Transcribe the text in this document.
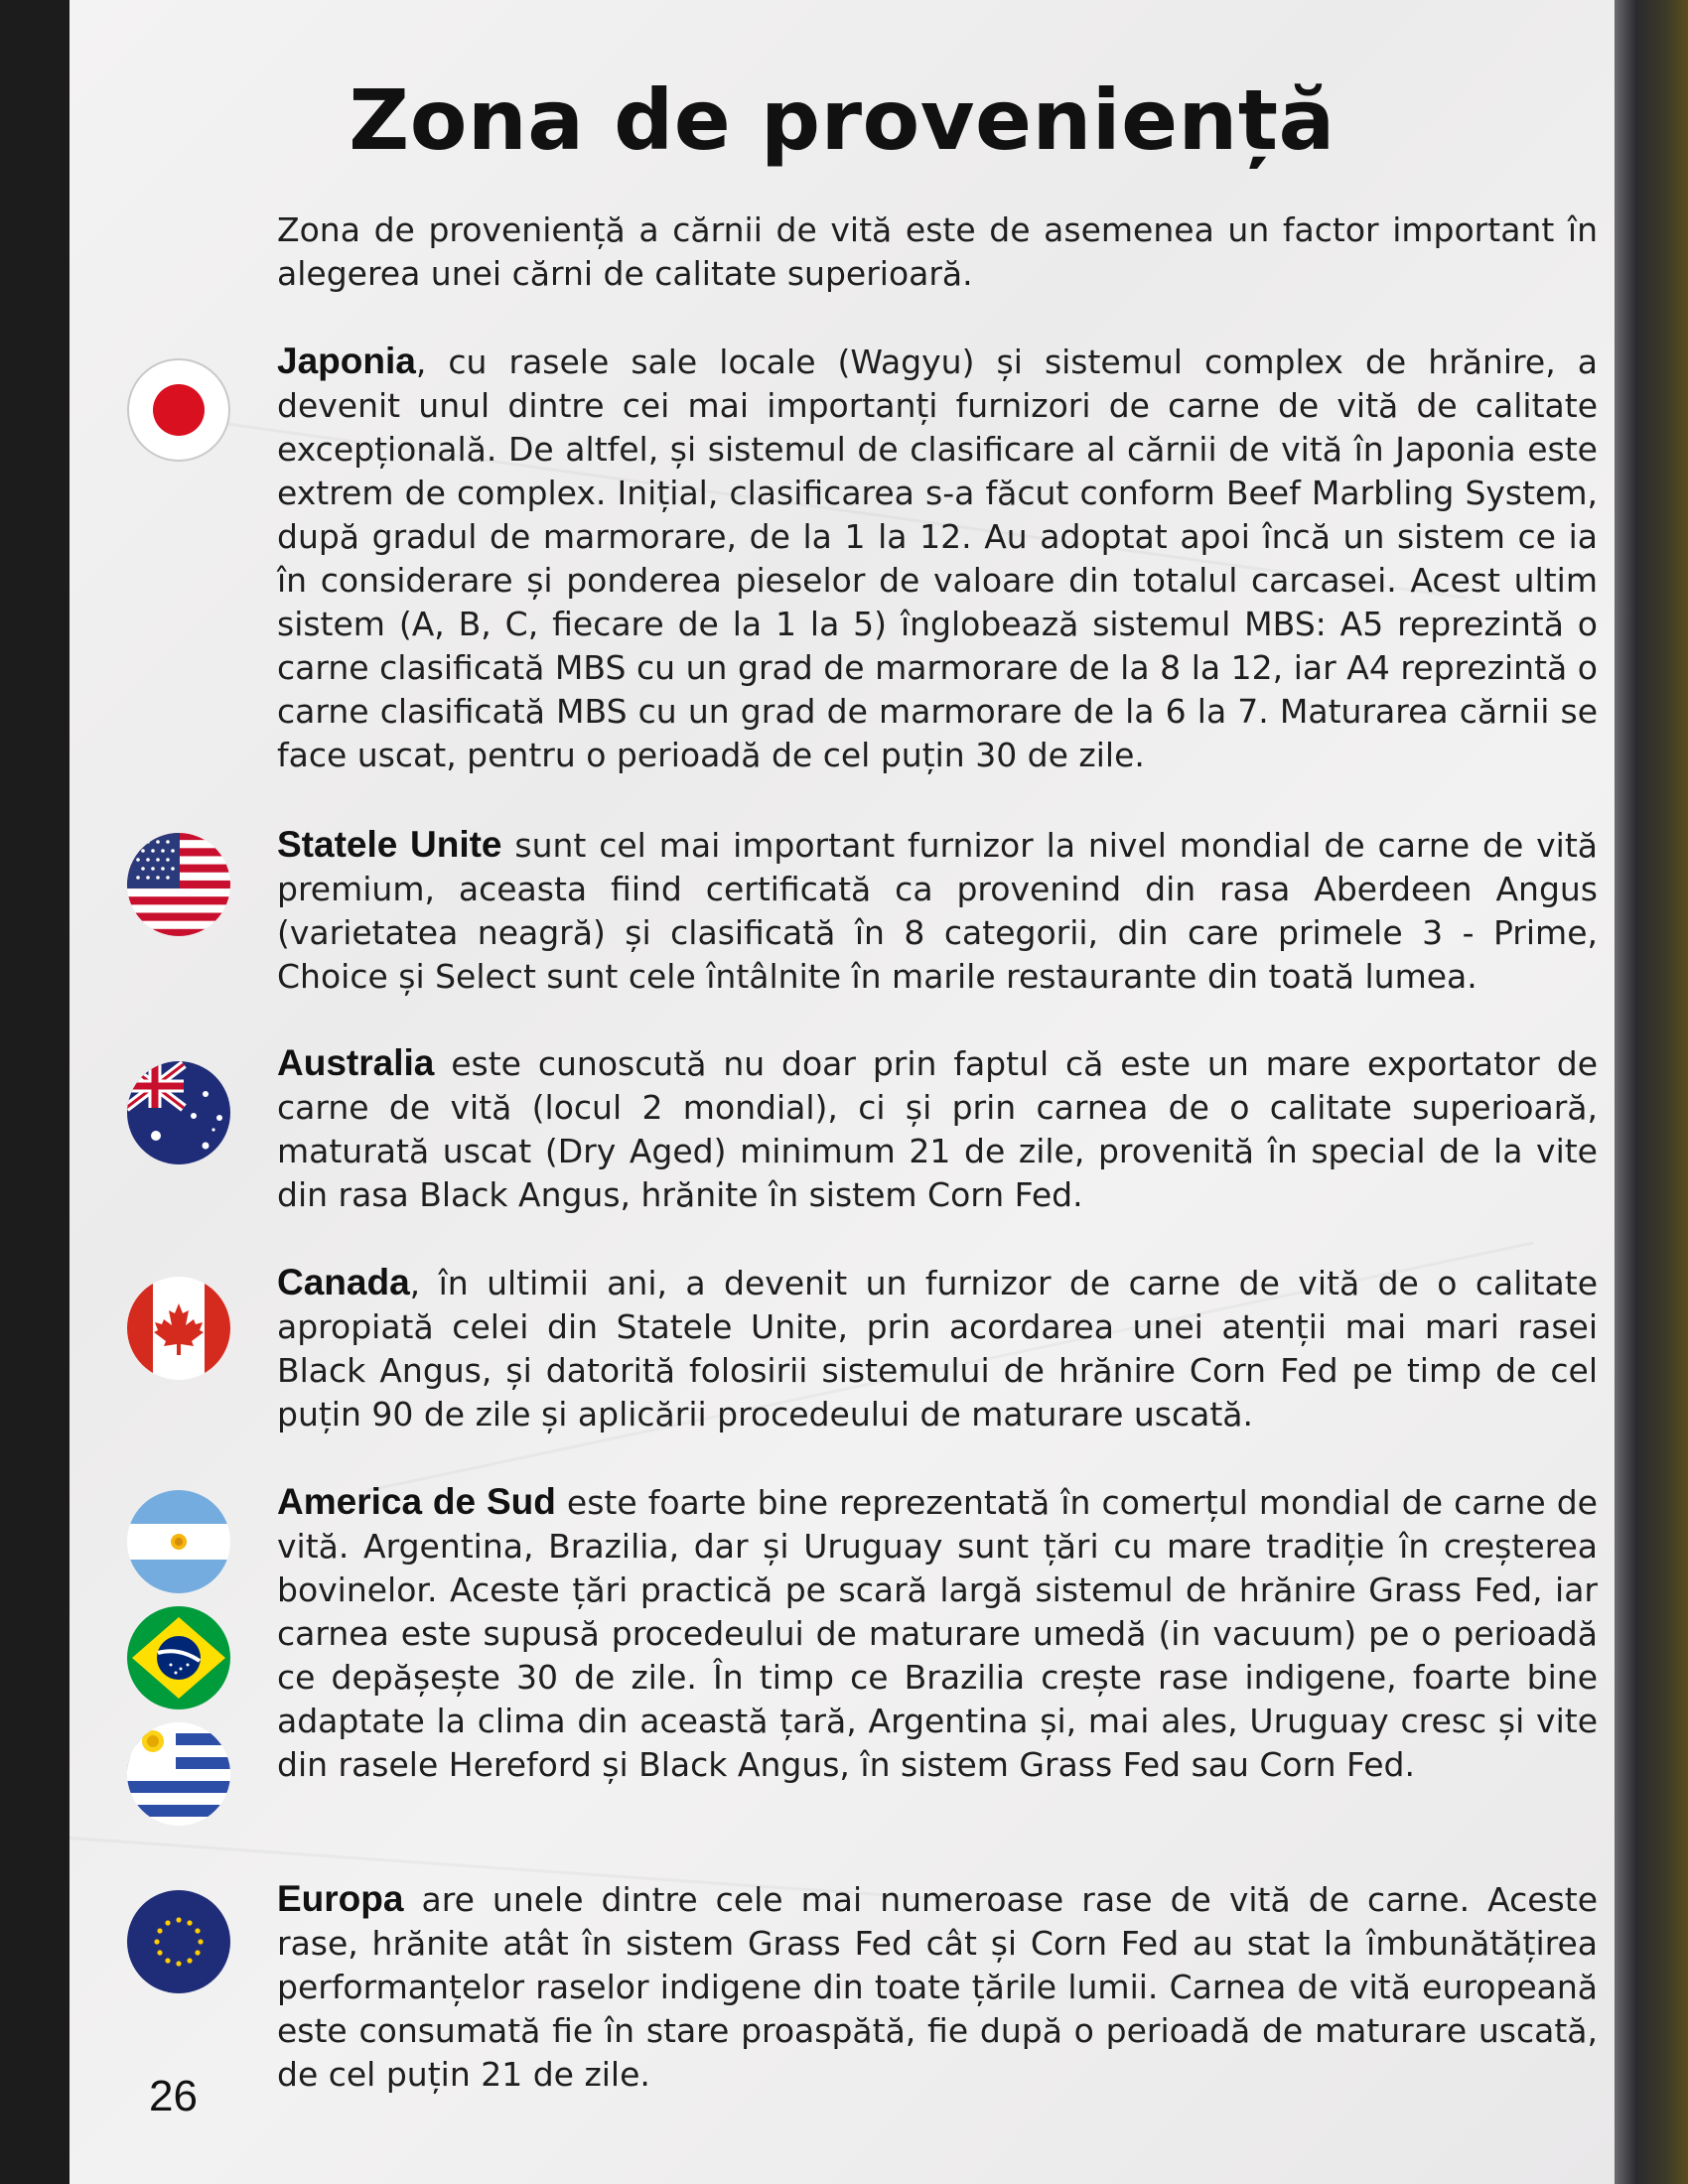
Zona de proveniență

Zona de proveniență a cărnii de vită este de asemenea un factor important în alegerea unei cărni de calitate superioară.

Japonia, cu rasele sale locale (Wagyu) și sistemul complex de hrănire, a devenit unul dintre cei mai importanți furnizori de carne de vită de calitate excepțională. De altfel, și sistemul de clasificare al cărnii de vită în Japonia este extrem de complex. Inițial, clasificarea s-a făcut conform Beef Marbling System, după gradul de marmorare, de la 1 la 12. Au adoptat apoi încă un sistem ce ia în considerare și ponderea pieselor de valoare din totalul carcasei. Acest ultim sistem (A, B, C, fiecare de la 1 la 5) înglobează sistemul MBS: A5 reprezintă o carne clasificată MBS cu un grad de marmorare de la 8 la 12, iar A4 reprezintă o carne clasificată MBS cu un grad de marmorare de la 6 la 7. Maturarea cărnii se face uscat, pentru o perioadă de cel puțin 30 de zile.

Statele Unite sunt cel mai important furnizor la nivel mondial de carne de vită premium, aceasta fiind certificată ca provenind din rasa Aberdeen Angus (varietatea neagră) și clasificată în 8 categorii, din care primele 3 - Prime, Choice și Select sunt cele întâlnite în marile restaurante din toată lumea.

Australia este cunoscută nu doar prin faptul că este un mare exportator de carne de vită (locul 2 mondial), ci și prin carnea de o calitate superioară, maturată uscat (Dry Aged) minimum 21 de zile, provenită în special de la vite din rasa Black Angus, hrănite în sistem Corn Fed.

Canada, în ultimii ani, a devenit un furnizor de carne de vită de o calitate apropiată celei din Statele Unite, prin acordarea unei atenții mai mari rasei Black Angus, și datorită folosirii sistemului de hrănire Corn Fed pe timp de cel puțin 90 de zile și aplicării procedeului de maturare uscată.

America de Sud este foarte bine reprezentată în comerțul mondial de carne de vită. Argentina, Brazilia, dar și Uruguay sunt țări cu mare tradiție în creșterea bovinelor. Aceste țări practică pe scară largă sistemul de hrănire Grass Fed, iar carnea este supusă procedeului de maturare umedă (in vacuum) pe o perioadă ce depășește 30 de zile. În timp ce Brazilia crește rase indigene, foarte bine adaptate la clima din această țară, Argentina și, mai ales, Uruguay cresc și vite din rasele Hereford și Black Angus, în sistem Grass Fed sau Corn Fed.

Europa are unele dintre cele mai numeroase rase de vită de carne. Aceste rase, hrănite atât în sistem Grass Fed cât și Corn Fed au stat la îmbunătățirea performanțelor raselor indigene din toate țările lumii. Carnea de vită europeană este consumată fie în stare proaspătă, fie după o perioadă de maturare uscată, de cel puțin 21 de zile.

26
